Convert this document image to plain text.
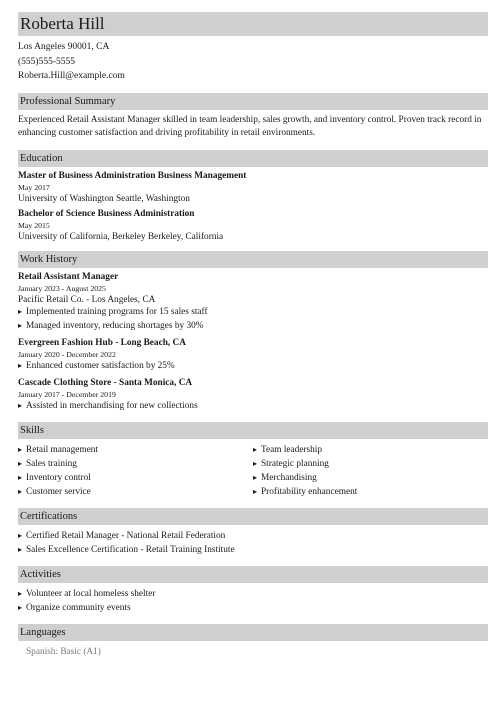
Roberta Hill
Los Angeles 90001, CA
(555)555-5555
Roberta.Hill@example.com
Professional Summary
Experienced Retail Assistant Manager skilled in team leadership, sales growth, and inventory control. Proven track record in enhancing customer satisfaction and driving profitability in retail environments.
Education
Master of Business Administration Business Management
May 2017
University of Washington Seattle, Washington
Bachelor of Science Business Administration
May 2015
University of California, Berkeley Berkeley, California
Work History
Retail Assistant Manager
January 2023 - August 2025
Pacific Retail Co. - Los Angeles, CA
▸ Implemented training programs for 15 sales staff
▸ Managed inventory, reducing shortages by 30%
Evergreen Fashion Hub - Long Beach, CA
January 2020 - December 2022
▸ Enhanced customer satisfaction by 25%
Cascade Clothing Store - Santa Monica, CA
January 2017 - December 2019
▸ Assisted in merchandising for new collections
Skills
▸ Retail management
▸ Sales training
▸ Inventory control
▸ Customer service
▸ Team leadership
▸ Strategic planning
▸ Merchandising
▸ Profitability enhancement
Certifications
▸ Certified Retail Manager - National Retail Federation
▸ Sales Excellence Certification - Retail Training Institute
Activities
▸ Volunteer at local homeless shelter
▸ Organize community events
Languages
Spanish: Basic (A1)
